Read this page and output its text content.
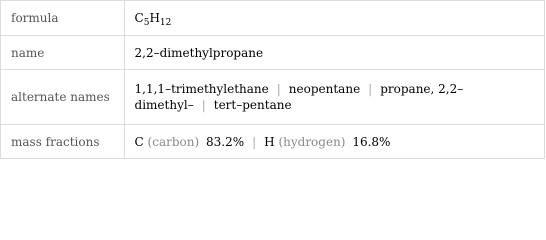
formula	$C_5H_{12}$
name	2,2–dimethylpropane
alternate names	1,1,1–trimethylethane | neopentane | propane, 2,2–dimethyl– | tert–pentane
mass fractions	C (carbon) 83.2% | H (hydrogen) 16.8%
